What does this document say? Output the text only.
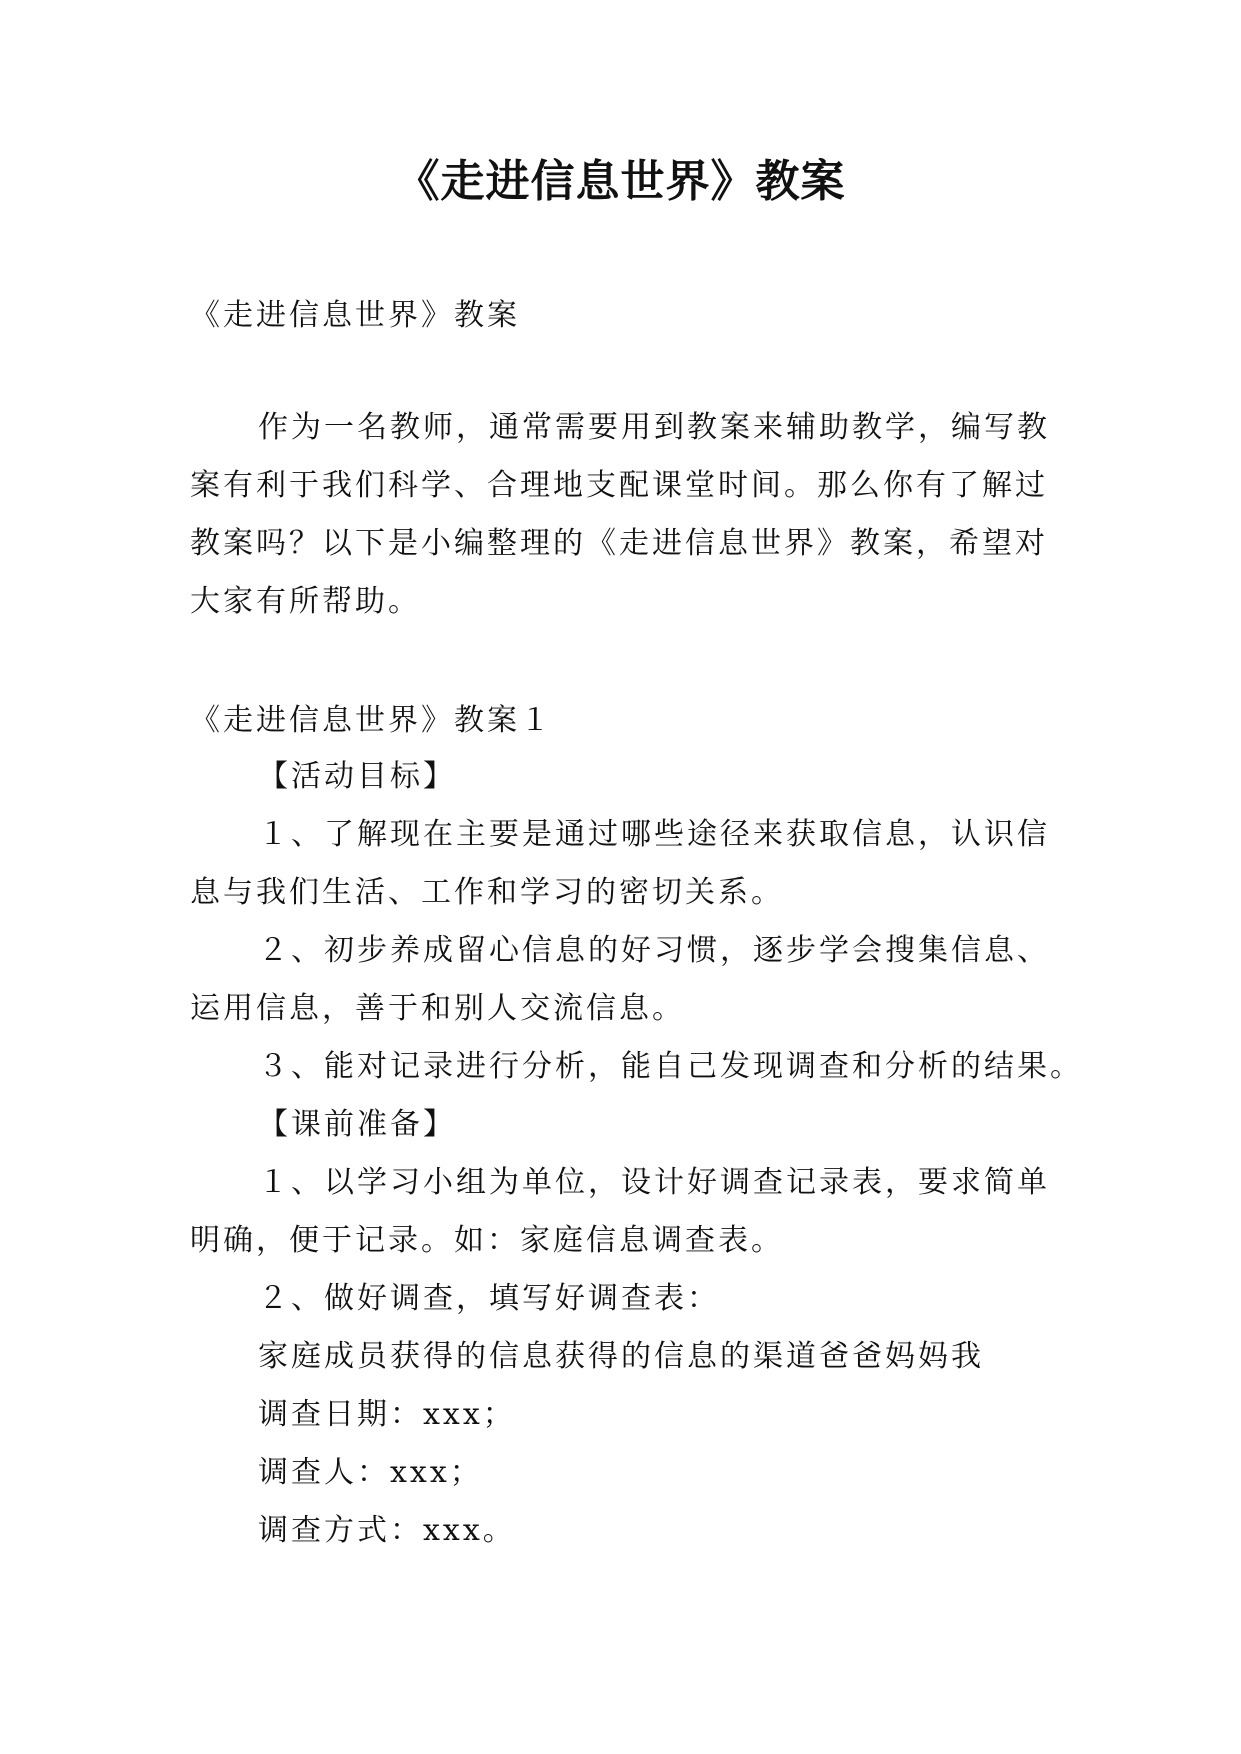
《走进信息世界》教案
《走进信息世界》教案
作为一名教师，通常需要用到教案来辅助教学，编写教
案有利于我们科学、合理地支配课堂时间。那么你有了解过
教案吗？以下是小编整理的《走进信息世界》教案，希望对
大家有所帮助。
《走进信息世界》教案１
【活动目标】
１、了解现在主要是通过哪些途径来获取信息，认识信
息与我们生活、工作和学习的密切关系。
２、初步养成留心信息的好习惯，逐步学会搜集信息、
运用信息，善于和别人交流信息。
３、能对记录进行分析，能自己发现调查和分析的结果。
【课前准备】
１、以学习小组为单位，设计好调查记录表，要求简单
明确，便于记录。如：家庭信息调查表。
２、做好调查，填写好调查表：
家庭成员获得的信息获得的信息的渠道爸爸妈妈我
调查日期：xxx；
调查人：xxx；
调查方式：xxx。
